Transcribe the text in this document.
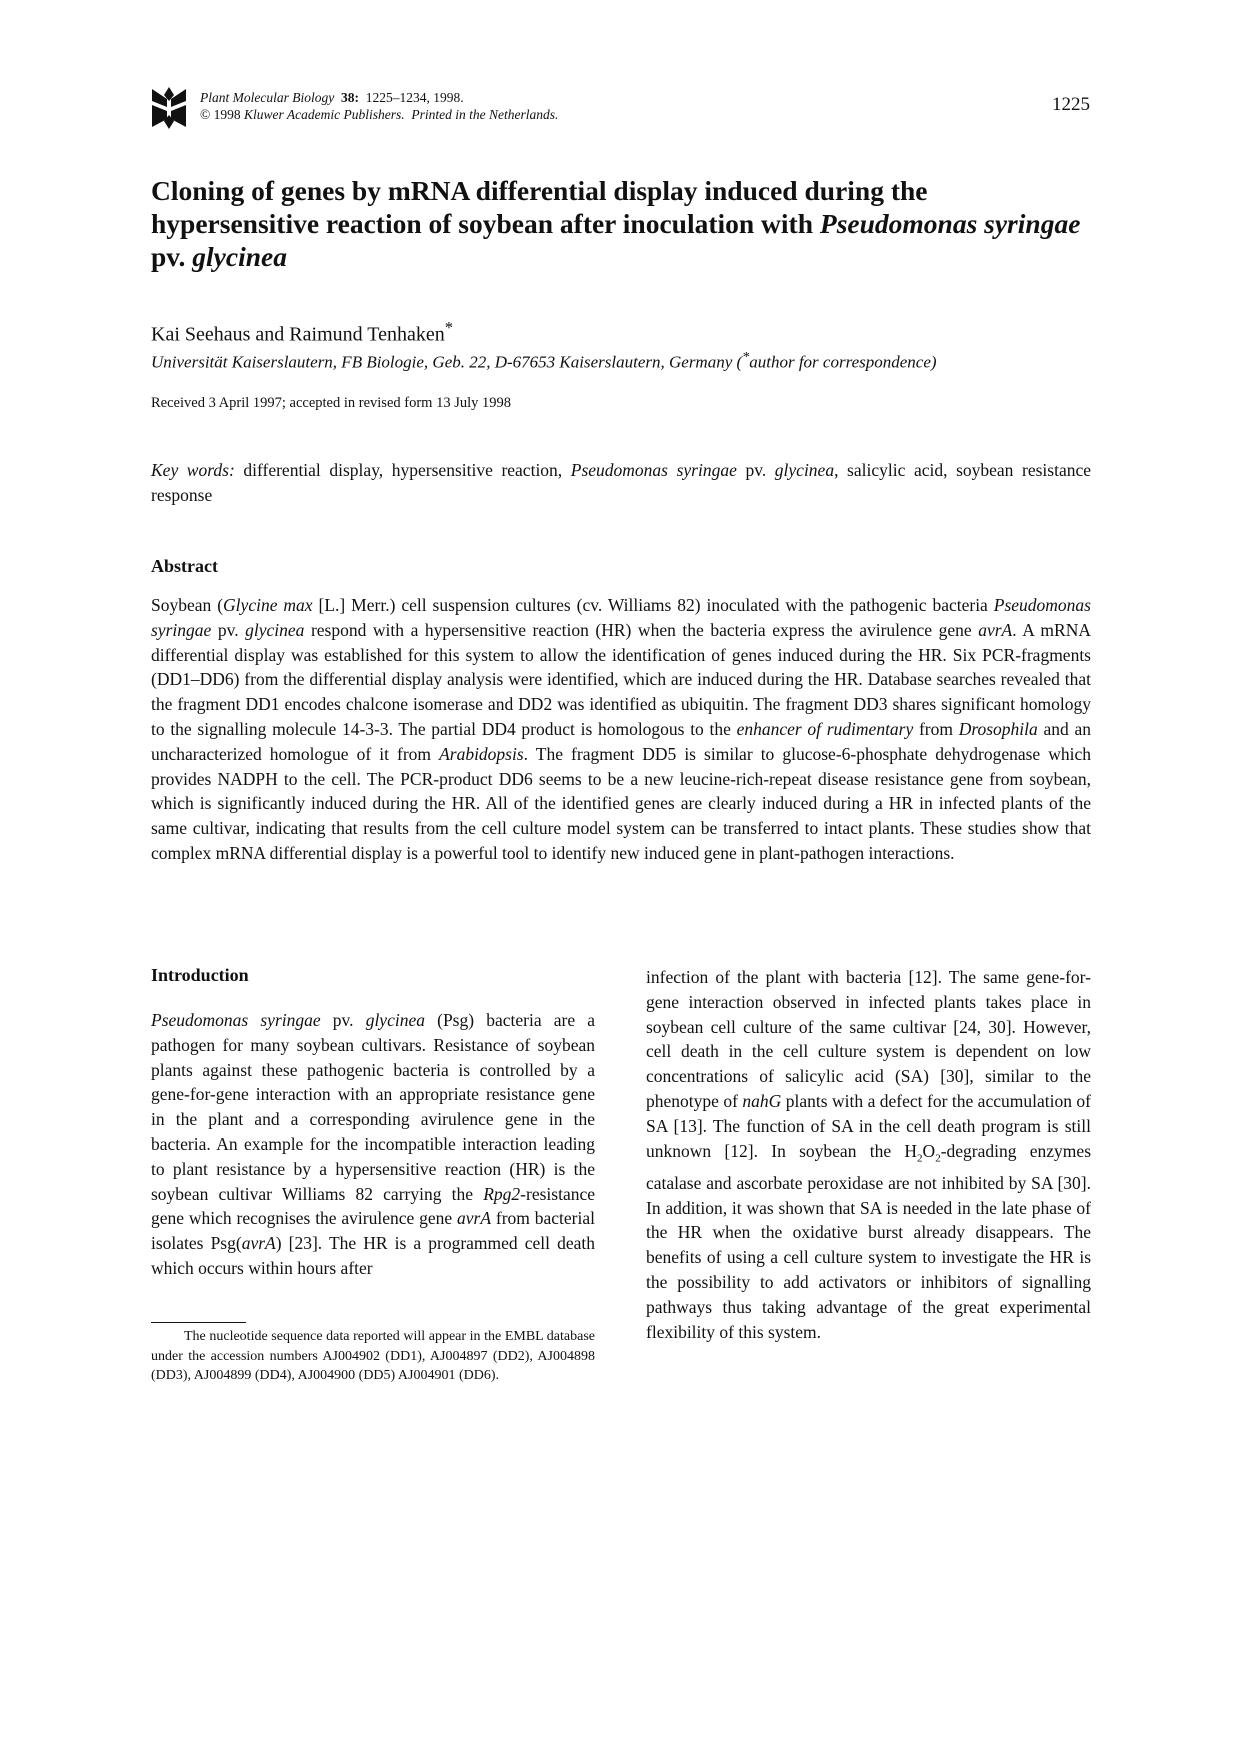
Plant Molecular Biology 38: 1225–1234, 1998.
© 1998 Kluwer Academic Publishers. Printed in the Netherlands.	1225
Cloning of genes by mRNA differential display induced during the hypersensitive reaction of soybean after inoculation with Pseudomonas syringae pv. glycinea
Kai Seehaus and Raimund Tenhaken*
Universität Kaiserslautern, FB Biologie, Geb. 22, D-67653 Kaiserslautern, Germany (*author for correspondence)
Received 3 April 1997; accepted in revised form 13 July 1998
Key words: differential display, hypersensitive reaction, Pseudomonas syringae pv. glycinea, salicylic acid, soybean resistance response
Abstract

Soybean (Glycine max [L.] Merr.) cell suspension cultures (cv. Williams 82) inoculated with the pathogenic bacteria Pseudomonas syringae pv. glycinea respond with a hypersensitive reaction (HR) when the bacteria express the avirulence gene avrA. A mRNA differential display was established for this system to allow the identification of genes induced during the HR. Six PCR-fragments (DD1–DD6) from the differential display analysis were identified, which are induced during the HR. Database searches revealed that the fragment DD1 encodes chalcone isomerase and DD2 was identified as ubiquitin. The fragment DD3 shares significant homology to the signalling molecule 14-3-3. The partial DD4 product is homologous to the enhancer of rudimentary from Drosophila and an uncharacterized homologue of it from Arabidopsis. The fragment DD5 is similar to glucose-6-phosphate dehydrogenase which provides NADPH to the cell. The PCR-product DD6 seems to be a new leucine-rich-repeat disease resistance gene from soybean, which is significantly induced during the HR. All of the identified genes are clearly induced during a HR in infected plants of the same cultivar, indicating that results from the cell culture model system can be transferred to intact plants. These studies show that complex mRNA differential display is a powerful tool to identify new induced gene in plant-pathogen interactions.

Introduction

Pseudomonas syringae pv. glycinea (Psg) bacteria are a pathogen for many soybean cultivars. Resistance of soybean plants against these pathogenic bacteria is controlled by a gene-for-gene interaction with an appropriate resistance gene in the plant and a corresponding avirulence gene in the bacteria. An example for the incompatible interaction leading to plant resistance by a hypersensitive reaction (HR) is the soybean cultivar Williams 82 carrying the Rpg2-resistance gene which recognises the avirulence gene avrA from bacterial isolates Psg(avrA) [23]. The HR is a programmed cell death which occurs within hours after

The nucleotide sequence data reported will appear in the EMBL database under the accession numbers AJ004902 (DD1), AJ004897 (DD2), AJ004898 (DD3), AJ004899 (DD4), AJ004900 (DD5) AJ004901 (DD6).

infection of the plant with bacteria [12]. The same gene-for-gene interaction observed in infected plants takes place in soybean cell culture of the same cultivar [24, 30]. However, cell death in the cell culture system is dependent on low concentrations of salicylic acid (SA) [30], similar to the phenotype of nahG plants with a defect for the accumulation of SA [13]. The function of SA in the cell death program is still unknown [12]. In soybean the $H_2O_2$-degrading enzymes catalase and ascorbate peroxidase are not inhibited by SA [30]. In addition, it was shown that SA is needed in the late phase of the HR when the oxidative burst already disappears. The benefits of using a cell culture system to investigate the HR is the possibility to add activators or inhibitors of signalling pathways thus taking advantage of the great experimental flexibility of this system.
